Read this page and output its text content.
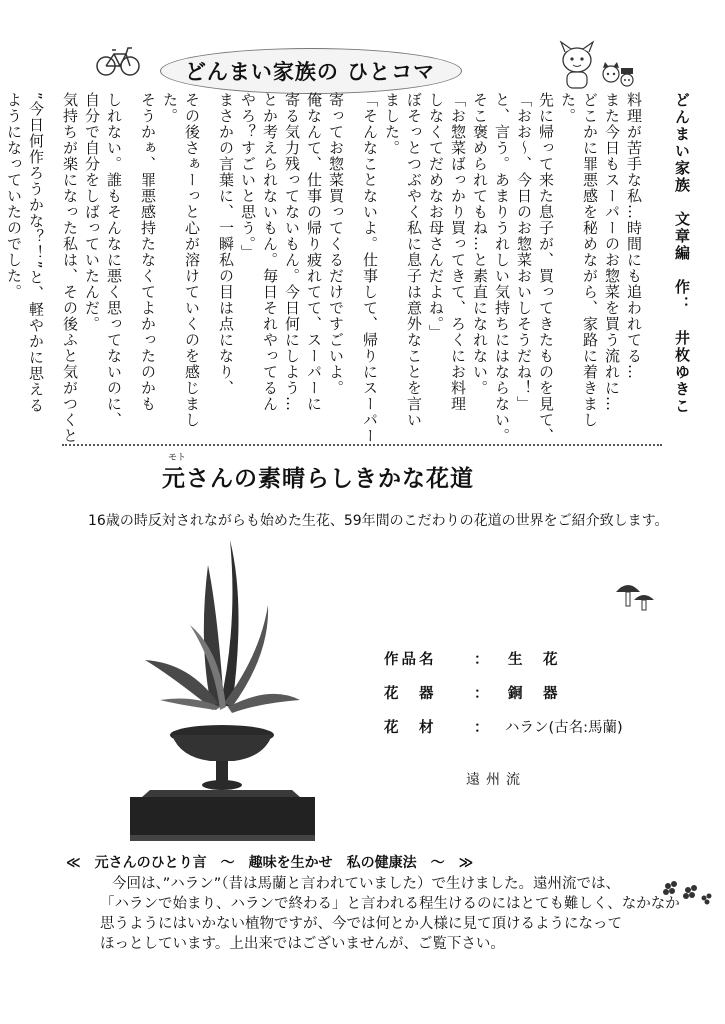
どんまい家族の ひとコマ
どんまい家族　文章編　作：　井枚ゆきこ

料理が苦手な私…時間にも追われてる…

また今日もスーパーのお惣菜を買う流れに…

どこかに罪悪感を秘めながら、家路に着きました。

先に帰って来た息子が、買ってきたものを見て、

「おお〜、今日のお惣菜おいしそうだね！」

と、言う。あまりうれしい気持ちにはならない。

そこ褒められてもね…と素直になれない。

「お惣菜ばっかり買ってきて、ろくにお料理

しなくてだめなお母さんだよね。」

ぼそっとつぶやく私に息子は意外なことを言い

ました。

「そんなことないよ。仕事して、帰りにスーパー

寄ってお惣菜買ってくるだけですごいよ。

俺なんて、仕事の帰り疲れてて、スーパーに

寄る気力残ってないもん。今日何にしよう…

とか考えられないもん。毎日それやってるん

やろ？すごいと思う。」

まさかの言葉に、一瞬私の目は点になり、

その後さぁーっと心が溶けていくのを感じました。

そうかぁ、罪悪感持たなくてよかったのかも

しれない。誰もそんなに悪く思ってないのに、

自分で自分をしばっていたんだ。

気持ちが楽になった私は、その後ふと気がつくと

”今日何作ろうかな？！”と、軽やかに思える

ようになっていたのでした。

モト
元さんの素晴らしきかな花道
16歳の時反対されながらも始めた生花、59年間のこだわりの花道の世界をご紹介致します。
作品名	： 生　花
花　器	： 銅　器
花　材	： ハラン(古名:馬蘭)
遠州流
≪　元さんのひとり言　～　趣味を生かせ　私の健康法　～　≫
今回は、”ハラン”（昔は馬蘭と言われていました）で生けました。遠州流では、
「ハランで始まり、ハランで終わる」と言われる程生けるのにはとても難しく、なかなか
思うようにはいかない植物ですが、今では何とか人様に見て頂けるようになって
ほっとしています。上出来ではございませんが、ご覧下さい。
